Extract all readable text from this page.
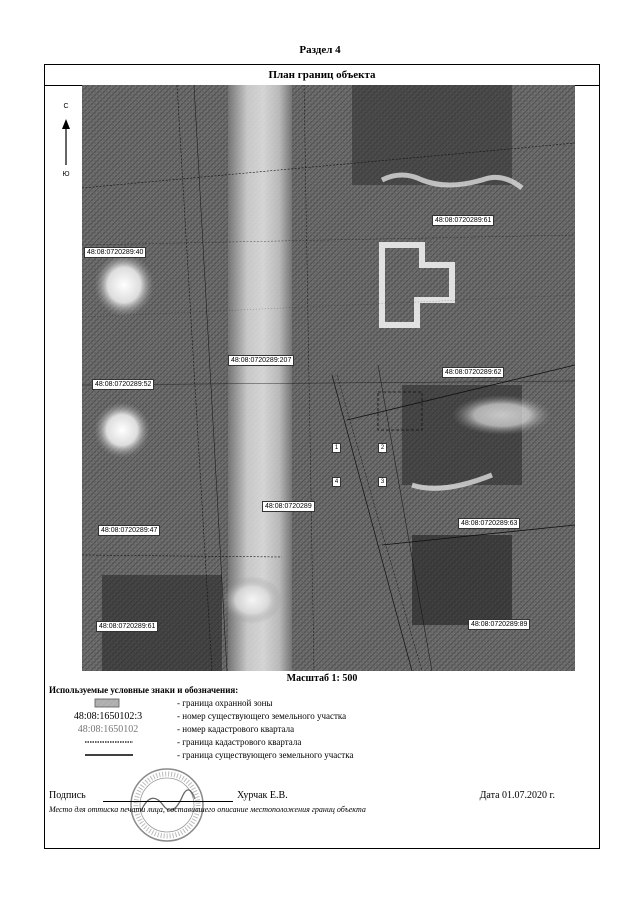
Раздел 4
План границ объекта
С
Ю
48:08:0720289:61
48:08:0720289:40
48:08:0720289:207
48:08:0720289:52
48:08:0720289:62
48:08:0720289
48:08:0720289:47
48:08:0720289:63
48:08:0720289:61	48:08:0720289:89
1	2
3
4
Масштаб 1: 500
Используемые условные знаки и обозначения:
- граница охранной зоны
48:08:1650102:3	- номер существующего земельного участка
48:08:1650102	- номер кадастрового квартала
- граница кадастрового квартала
- граница существующего земельного участка
Подпись	Хурчак Е.В.	Дата 01.07.2020 г.
Место для оттиска печати лица, составившего описание местоположения границ объекта
